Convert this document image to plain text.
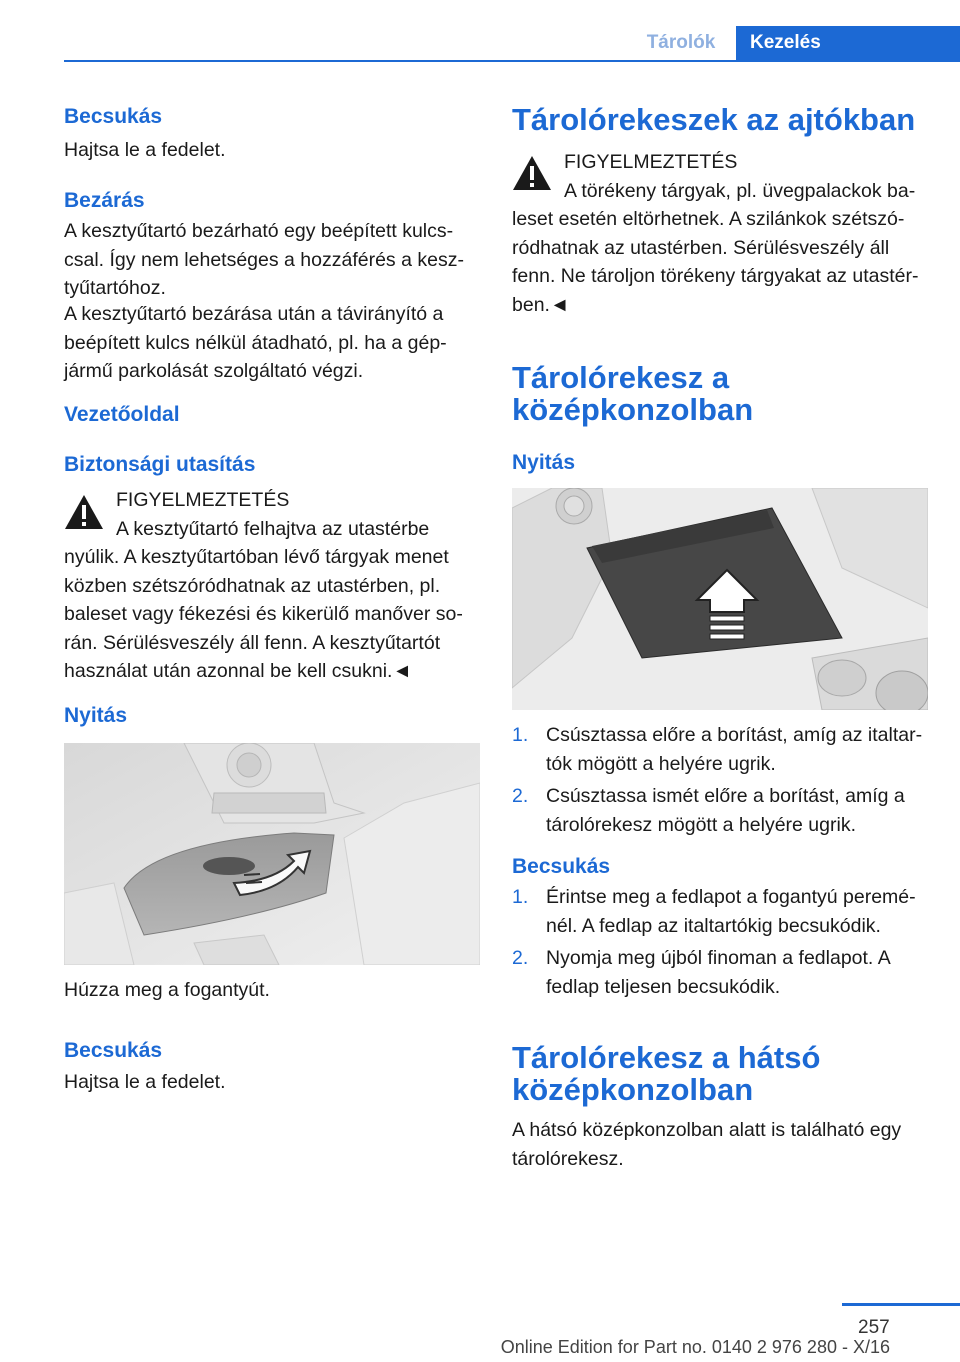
Tárolók	Kezelés
Becsukás
Hajtsa le a fedelet.
Bezárás
A kesztyűtartó bezárható egy beépített kulcs-
csal. Így nem lehetséges a hozzáférés a kesz-
tyűtartóhoz.
A kesztyűtartó bezárása után a távirányító a
beépített kulcs nélkül átadható, pl. ha a gép-
jármű parkolását szolgáltató végzi.
Vezetőoldal
Biztonsági utasítás
FIGYELMEZTETÉS
A kesztyűtartó felhajtva az utastérbe
nyúlik. A kesztyűtartóban lévő tárgyak menet
közben szétszóródhatnak az utastérben, pl.
baleset vagy fékezési és kikerülő manőver so-
rán. Sérülésveszély áll fenn. A kesztyűtartót
használat után azonnal be kell csukni.◄
Nyitás
Húzza meg a fogantyút.
Becsukás
Hajtsa le a fedelet.
Tárolórekeszek az ajtókban
FIGYELMEZTETÉS
A törékeny tárgyak, pl. üvegpalackok ba-
leset esetén eltörhetnek. A szilánkok szétszó-
ródhatnak az utastérben. Sérülésveszély áll
fenn. Ne tároljon törékeny tárgyakat az utastér-
ben.◄
Tárolórekesz a
középkonzolban
Nyitás
1. Csúsztassa előre a borítást, amíg az italtar-
tók mögött a helyére ugrik.
2. Csúsztassa ismét előre a borítást, amíg a
tárolórekesz mögött a helyére ugrik.
Becsukás
1. Érintse meg a fedlapot a fogantyú peremé-
nél. A fedlap az italtartókig becsukódik.
2. Nyomja meg újból finoman a fedlapot. A
fedlap teljesen becsukódik.
Tárolórekesz a hátsó
középkonzolban
A hátsó középkonzolban alatt is található egy
tárolórekesz.
257
Online Edition for Part no. 0140 2 976 280 - X/16
